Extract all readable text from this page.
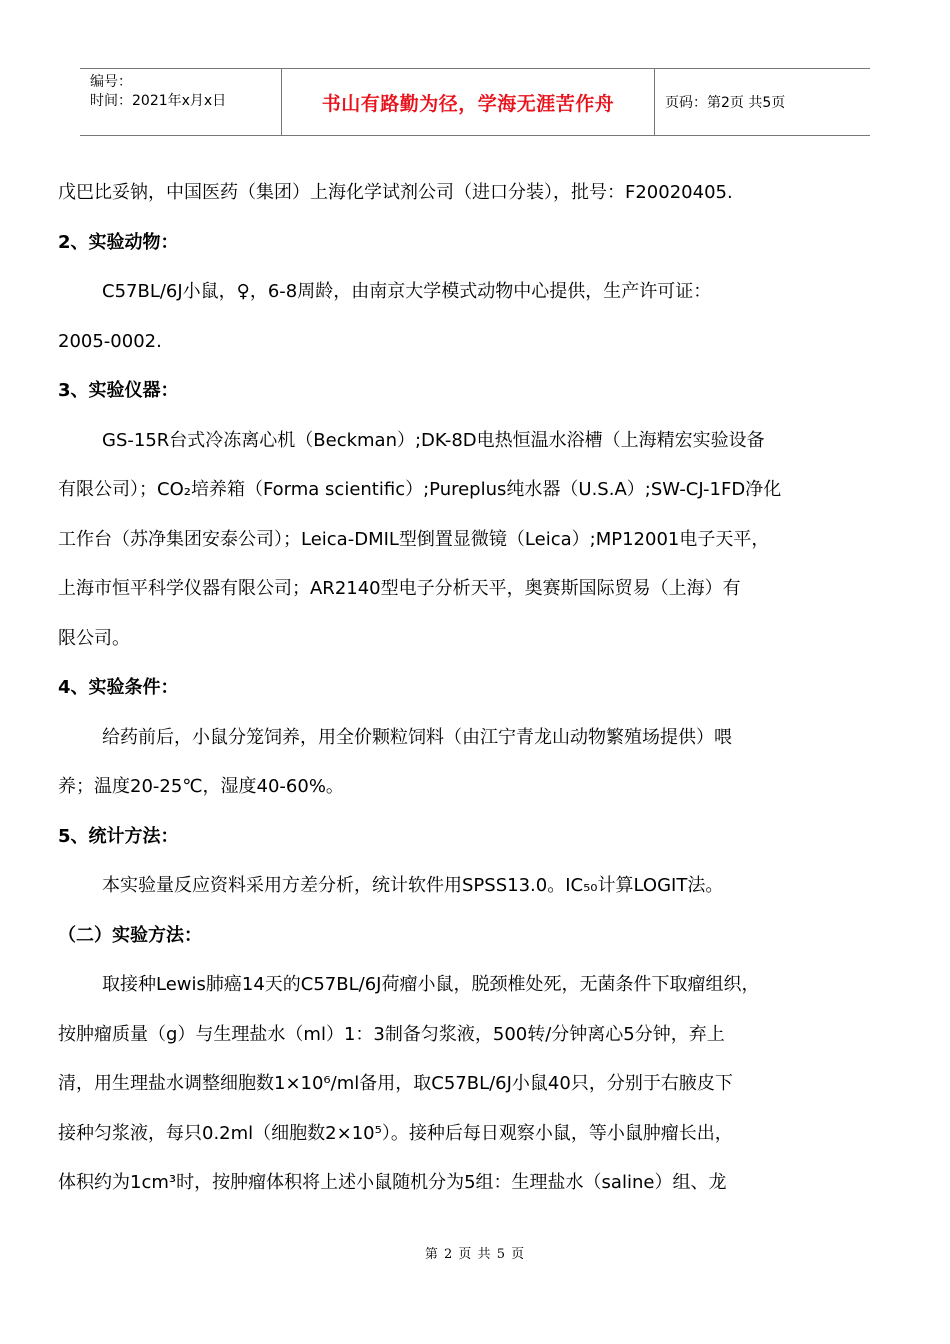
编号：
时间：2021年x月x日	书山有路勤为径，学海无涯苦作舟	页码：第2页 共5页
戊巴比妥钠，中国医药（集团）上海化学试剂公司（进口分装），批号：F20020405.
2、实验动物：
C57BL/6J小鼠，♀，6-8周龄，由南京大学模式动物中心提供，生产许可证：
2005-0002.
3、实验仪器：
GS-15R台式冷冻离心机（Beckman）;DK-8D电热恒温水浴槽（上海精宏实验设备
有限公司）；CO₂培养箱（Forma scientific）;Pureplus纯水器（U.S.A）;SW-CJ-1FD净化
工作台（苏净集团安泰公司）；Leica-DMIL型倒置显微镜（Leica）;MP12001电子天平，
上海市恒平科学仪器有限公司；AR2140型电子分析天平，奥赛斯国际贸易（上海）有
限公司。
4、实验条件：
给药前后，小鼠分笼饲养，用全价颗粒饲料（由江宁青龙山动物繁殖场提供）喂
养；温度20-25℃，湿度40-60%。
5、统计方法：
本实验量反应资料采用方差分析，统计软件用SPSS13.0。IC₅₀计算LOGIT法。
（二）实验方法：
取接种Lewis肺癌14天的C57BL/6J荷瘤小鼠，脱颈椎处死，无菌条件下取瘤组织，
按肿瘤质量（g）与生理盐水（ml）1：3制备匀浆液，500转/分钟离心5分钟，弃上
清，用生理盐水调整细胞数1×10⁶/ml备用，取C57BL/6J小鼠40只，分别于右腋皮下
接种匀浆液，每只0.2ml（细胞数2×10⁵）。接种后每日观察小鼠，等小鼠肿瘤长出，
体积约为1cm³时，按肿瘤体积将上述小鼠随机分为5组：生理盐水（saline）组、龙
第 2 页 共 5 页
